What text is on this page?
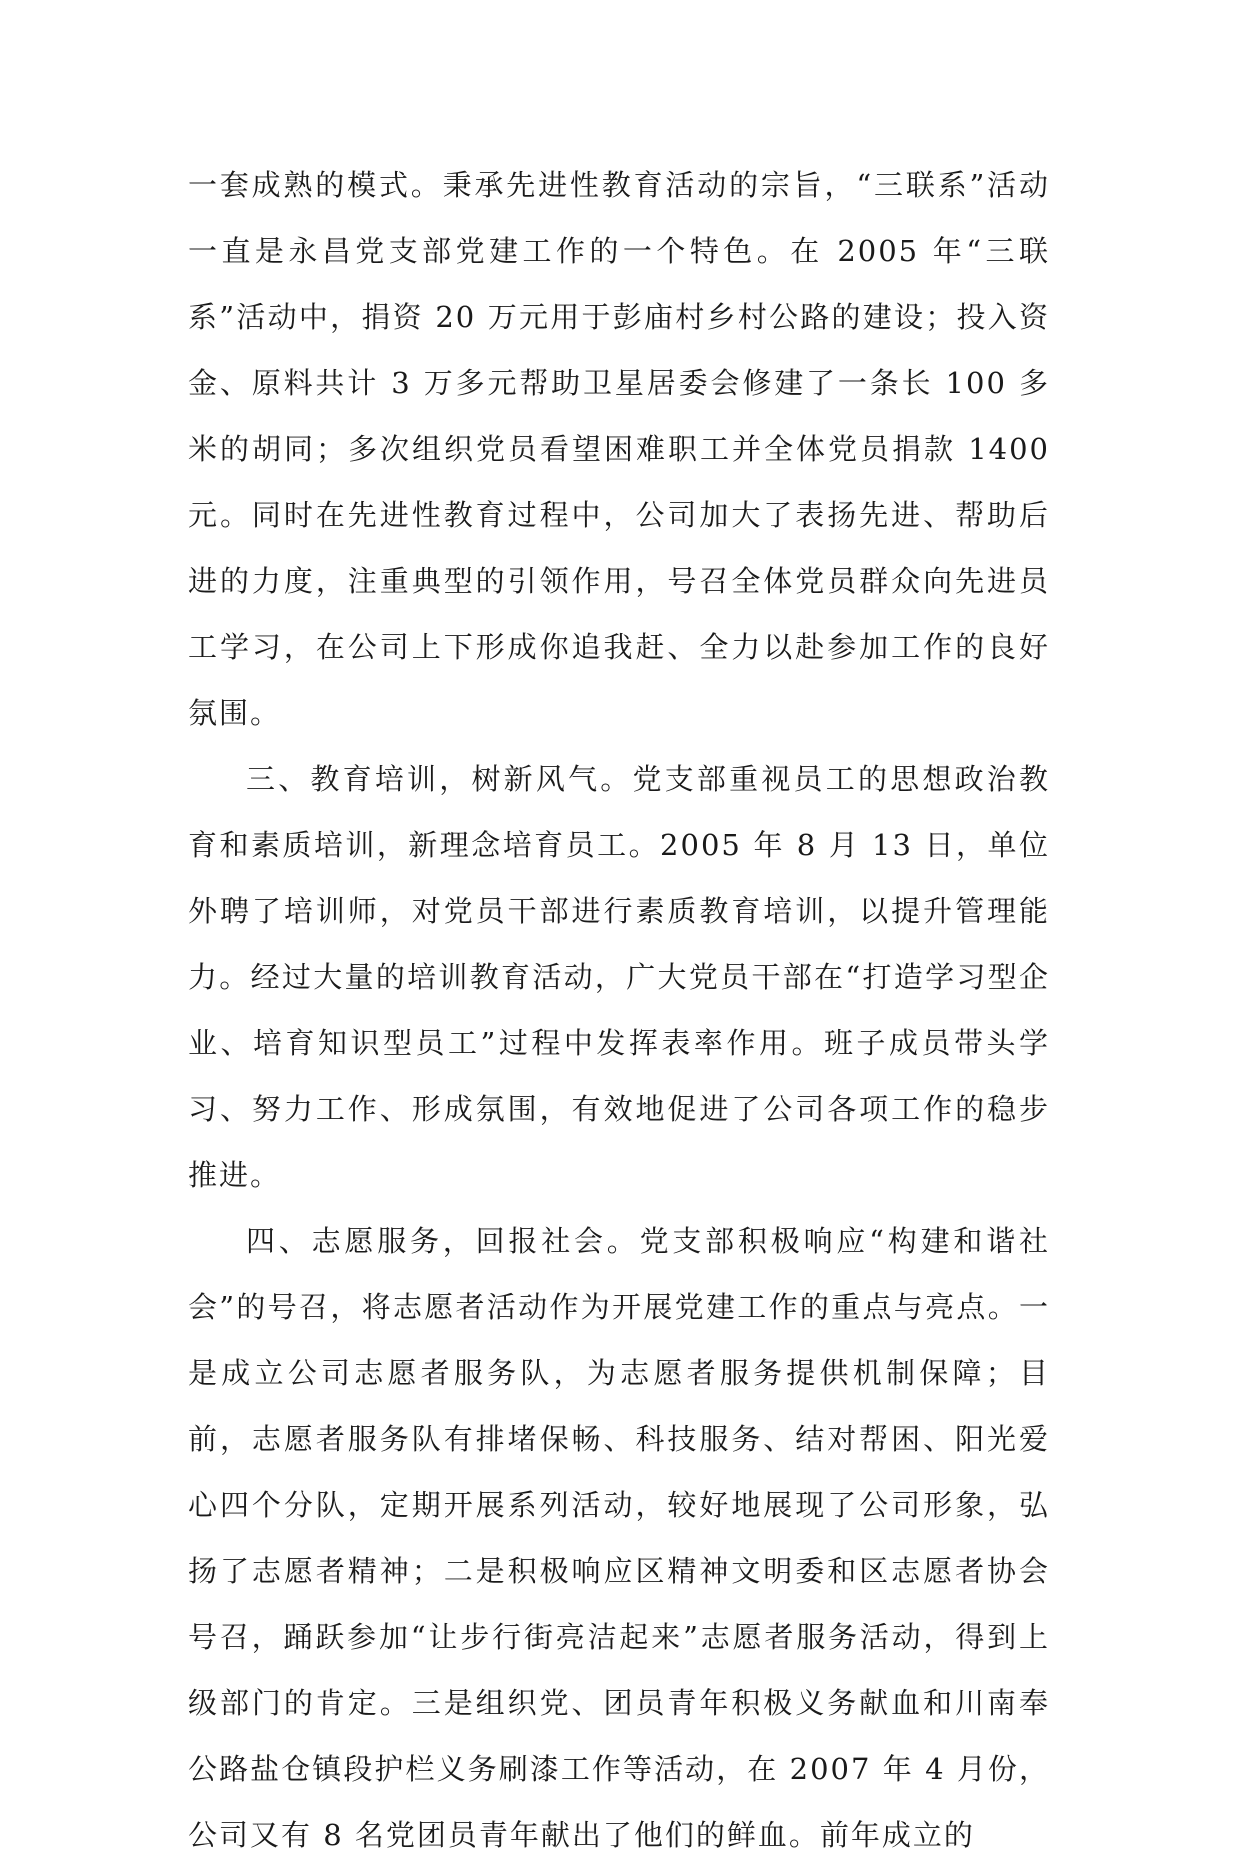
一套成熟的模式。秉承先进性教育活动的宗旨，“三联系”活动一直是永昌党支部党建工作的一个特色。在 2005 年“三联系”活动中，捐资 20 万元用于彭庙村乡村公路的建设；投入资金、原料共计 3 万多元帮助卫星居委会修建了一条长 100 多米的胡同；多次组织党员看望困难职工并全体党员捐款 1400 元。同时在先进性教育过程中，公司加大了表扬先进、帮助后进的力度，注重典型的引领作用，号召全体党员群众向先进员工学习，在公司上下形成你追我赶、全力以赴参加工作的良好氛围。

三、教育培训，树新风气。党支部重视员工的思想政治教育和素质培训，新理念培育员工。2005 年 8 月 13 日，单位外聘了培训师，对党员干部进行素质教育培训，以提升管理能力。经过大量的培训教育活动，广大党员干部在“打造学习型企业、培育知识型员工”过程中发挥表率作用。班子成员带头学习、努力工作、形成氛围，有效地促进了公司各项工作的稳步推进。

四、志愿服务，回报社会。党支部积极响应“构建和谐社会”的号召，将志愿者活动作为开展党建工作的重点与亮点。一是成立公司志愿者服务队，为志愿者服务提供机制保障；目前，志愿者服务队有排堵保畅、科技服务、结对帮困、阳光爱心四个分队，定期开展系列活动，较好地展现了公司形象，弘扬了志愿者精神；二是积极响应区精神文明委和区志愿者协会号召，踊跃参加“让步行街亮洁起来”志愿者服务活动，得到上级部门的肯定。三是组织党、团员青年积极义务献血和川南奉公路盐仓镇段护栏义务刷漆工作等活动，在 2007 年 4 月份，公司又有 8 名党团员青年献出了他们的鲜血。前年成立的
